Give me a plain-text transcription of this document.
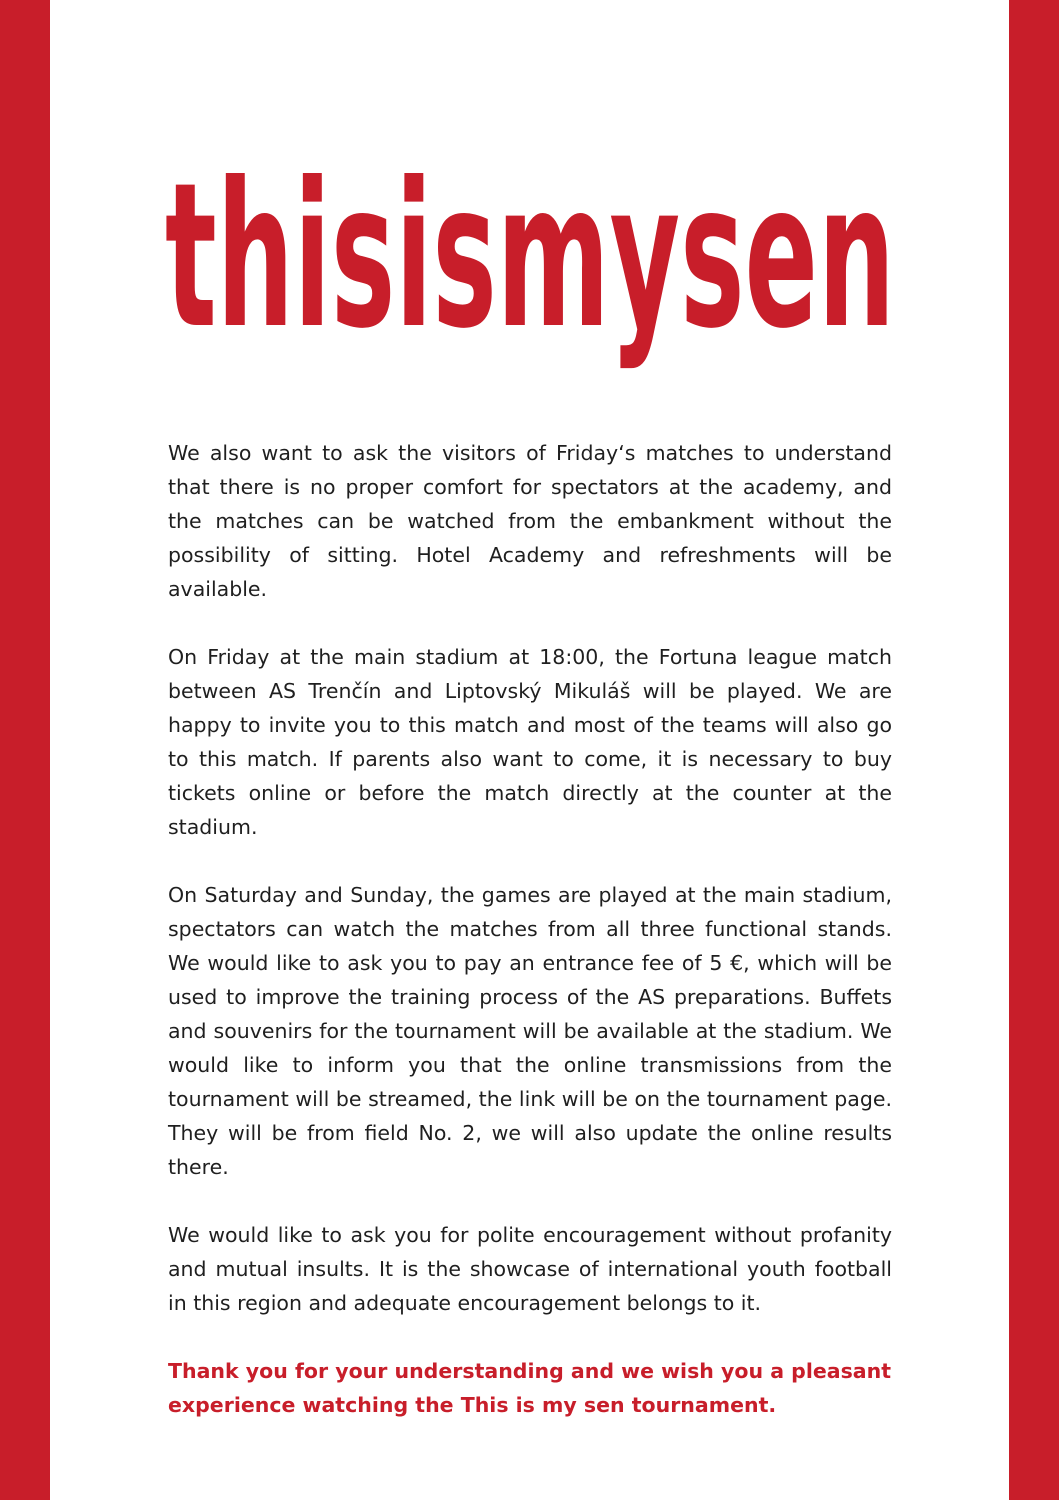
thisismysen

We also want to ask the visitors of Friday‘s matches to understand that there is no proper comfort for spectators at the academy, and the matches can be watched from the embankment without the possibility of sitting. Hotel Academy and refreshments will be available.

On Friday at the main stadium at 18:00, the Fortuna league match between AS Trenčín and Liptovský Mikuláš will be played. We are happy to invite you to this match and most of the teams will also go to this match. If parents also want to come, it is necessary to buy tickets online or before the match directly at the counter at the stadium.

On Saturday and Sunday, the games are played at the main stadium, spectators can watch the matches from all three functional stands. We would like to ask you to pay an entrance fee of 5 €, which will be used to improve the training process of the AS preparations. Buffets and souvenirs for the tournament will be available at the stadium. We would like to inform you that the online transmissions from the tournament will be streamed, the link will be on the tournament page. They will be from field No. 2, we will also update the online results there.

We would like to ask you for polite encouragement without profanity and mutual insults. It is the showcase of international youth football in this region and adequate encouragement belongs to it.

Thank you for your understanding and we wish you a pleasant experience watching the This is my sen tournament.
